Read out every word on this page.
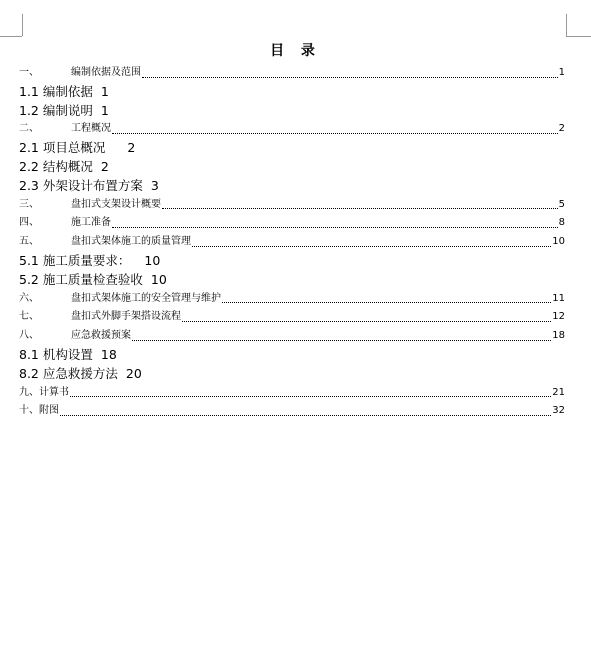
目 录
一、	编制依据及范围	1
1.1 编制依据 1
1.2 编制说明 1
二、	工程概况	2
2.1 项目总概况 2
2.2 结构概况 2
2.3 外架设计布置方案 3
三、	盘扣式支架设计概要	5
四、	施工准备	8
五、	盘扣式架体施工的质量管理	10
5.1 施工质量要求： 10
5.2 施工质量检查验收 10
六、	盘扣式架体施工的安全管理与维护	11
七、	盘扣式外脚手架搭设流程	12
八、	应急救援预案	18
8.1 机构设置 18
8.2 应急救援方法 20
九、 计算书	21
十、 附图	32
